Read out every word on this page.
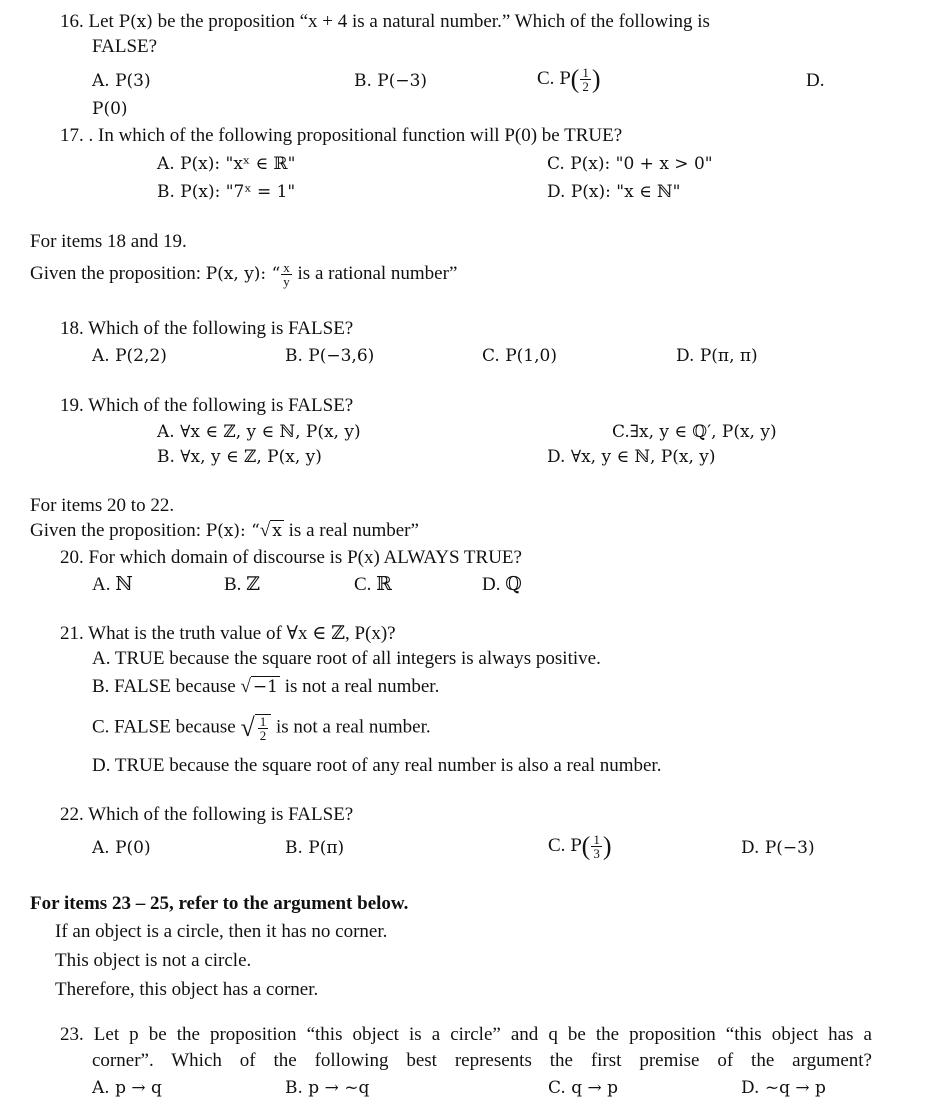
16. Let P(x) be the proposition “x + 4 is a natural number.” Which of the following is
FALSE?
A. P(3)	B. P(−3)	C. $P( \frac{1}{2}$ )	D.
P(0)
17. . In which of the following propositional function will P(0) be TRUE?
A. P(x): "xˣ ∈ ℝ"	C. P(x): "0 + x > 0"
B. P(x): "7ˣ = 1"	D. P(x): "x ∈ ℕ"
For items 18 and 19.
Given the proposition: P(x, y): “ $\frac{x}{y}$ is a rational number”
18. Which of the following is FALSE?
A. P(2,2)	B. P(−3,6)	C. P(1,0)	D. P(π, π)
19. Which of the following is FALSE?
A. ∀x ∈ ℤ, y ∈ ℕ, P(x, y)	C.∃x, y ∈ ℚ′, P(x, y)
B. ∀x, y ∈ ℤ, P(x, y)	D. ∀x, y ∈ ℕ, P(x, y)
For items 20 to 22.
Given the proposition: P(x): “√ x is a real number”
20. For which domain of discourse is P(x) ALWAYS TRUE?
A. ℕ	B. ℤ	C. ℝ	D. ℚ
21. What is the truth value of ∀x ∈ ℤ, P(x)?
A. TRUE because the square root of all integers is always positive.
B. FALSE because √ −1 is not a real number.
C. FALSE because √ $\frac{1}{2}$ is not a real number.
D. TRUE because the square root of any real number is also a real number.
22. Which of the following is FALSE?
A. P(0)	B. P(π)	C. $P( \frac{1}{3}$ )	D. P(−3)
For items 23 – 25, refer to the argument below.
If an object is a circle, then it has no corner.
This object is not a circle.
Therefore, this object has a corner.
23. Let p be the proposition “this object is a circle” and q be the proposition “this object has a
corner”. Which of the following best represents the first premise of the argument?
A. p → q	B. p → ~q	C. q → p	D. ~q → p
